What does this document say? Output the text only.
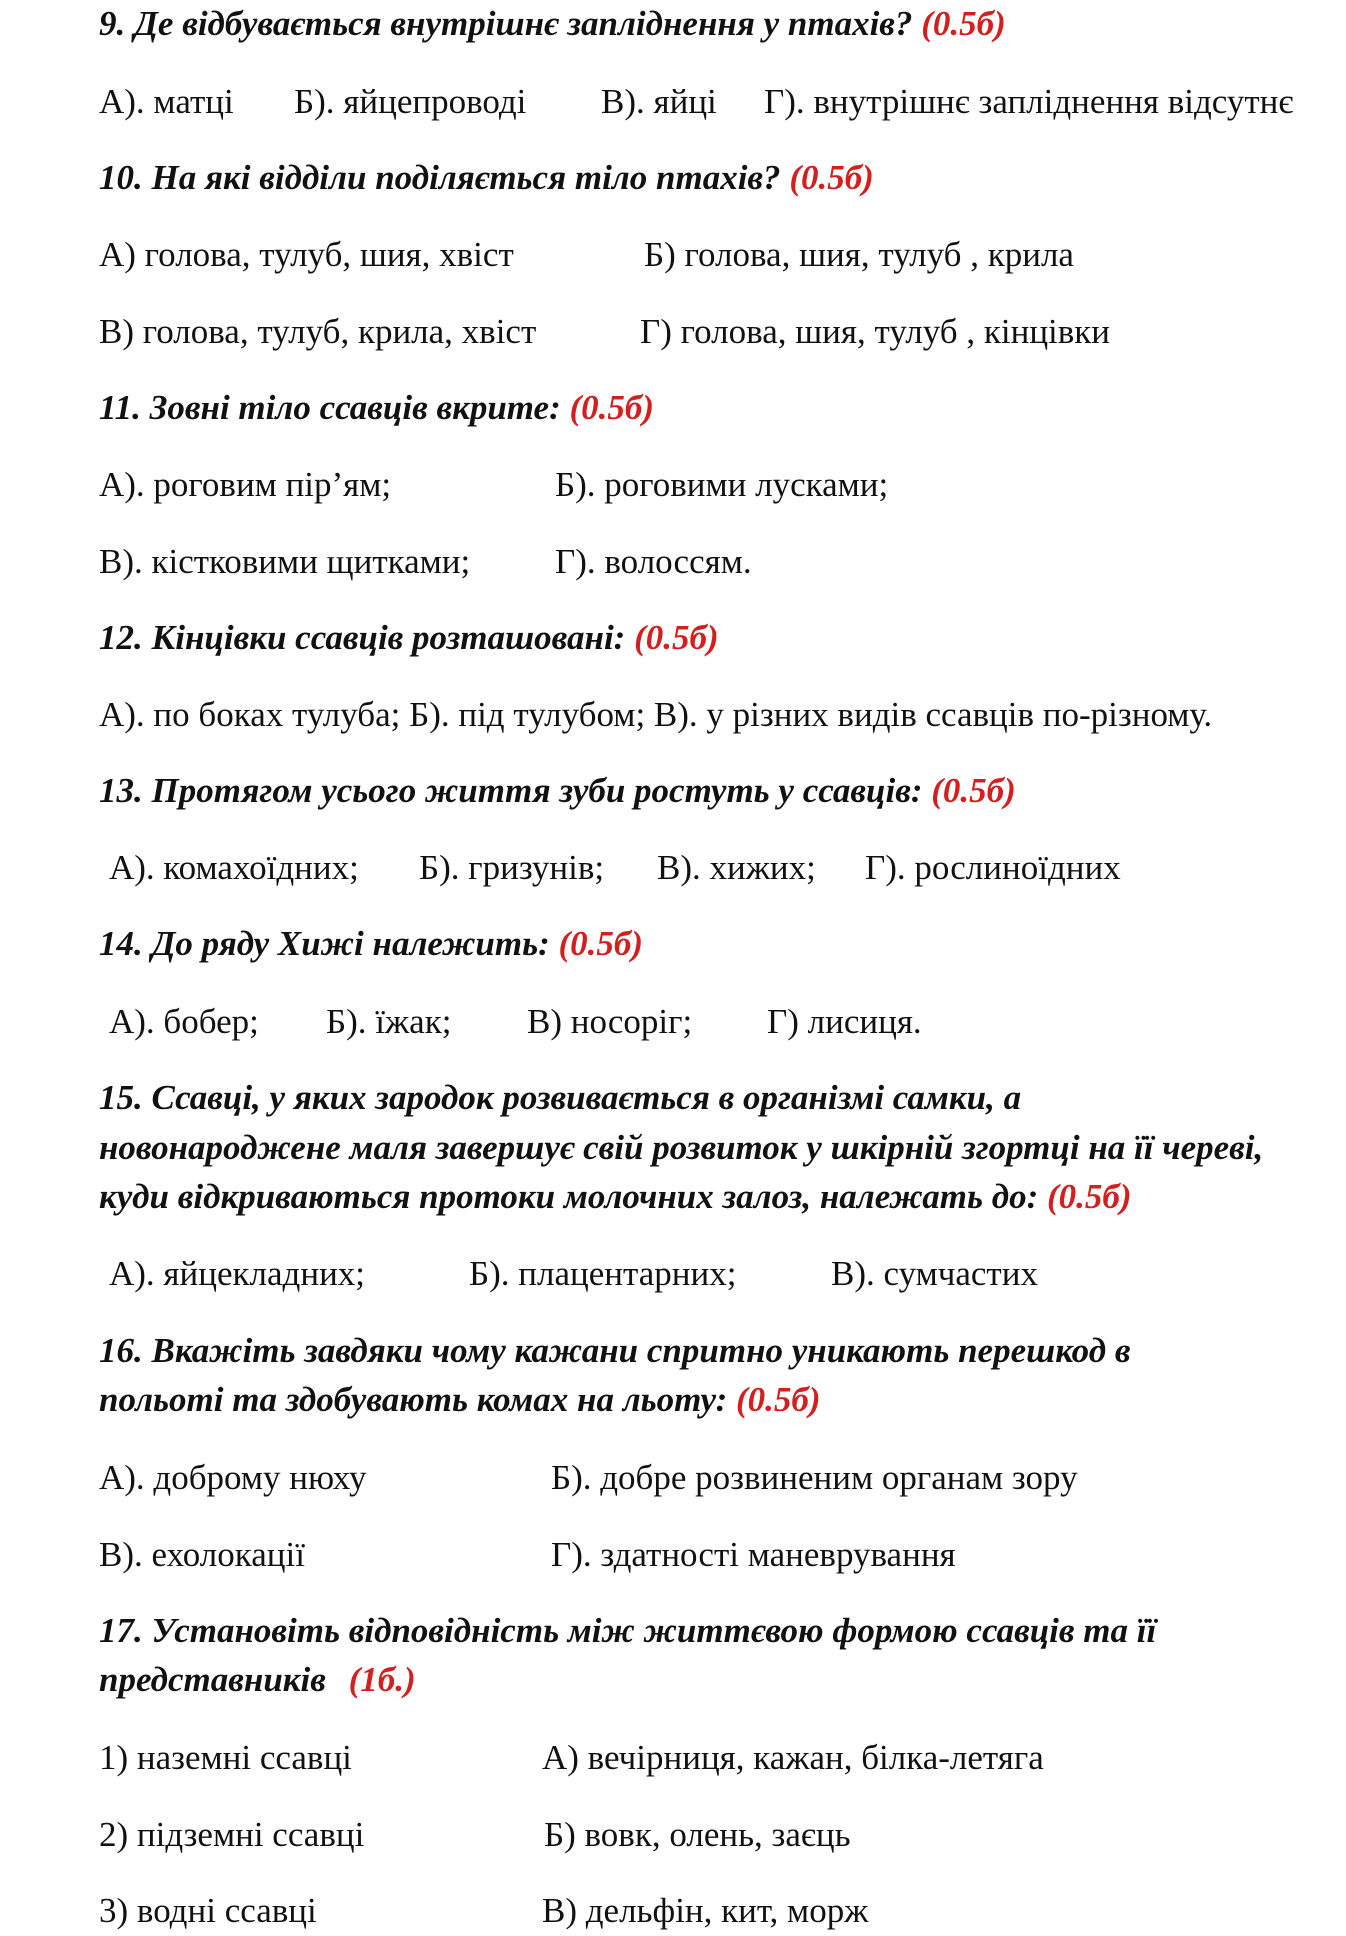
9. Де відбувається внутрішнє запліднення у птахів? (0.5б)
А). матці Б). яйцепроводі В). яйці Г). внутрішнє запліднення відсутнє
10. На які відділи поділяється тіло птахів? (0.5б)
А) голова, тулуб, шия, хвіст	Б) голова, шия, тулуб , крила
В) голова, тулуб, крила, хвіст	Г) голова, шия, тулуб , кінцівки
11. Зовні тіло ссавців вкрите: (0.5б)
А). роговим пір’ям;	Б). роговими лусками;
В). кістковими щитками; Г). волоссям.
12. Кінцівки ссавців розташовані: (0.5б)
А). по боках тулуба; Б). під тулубом; В). у різних видів ссавців по-різному.
13. Протягом усього життя зуби ростуть у ссавців: (0.5б)
А). комахоїдних; Б). гризунів; В). хижих; Г). рослиноїдних
14. До ряду Хижі належить: (0.5б)
А). бобер; Б). їжак; В) носоріг; Г) лисиця.
15. Ссавці, у яких зародок розвивається в організмі самки, а
новонароджене маля завершує свій розвиток у шкірній згортці на її череві,
куди відкриваються протоки молочних залоз, належать до: (0.5б)
А). яйцекладних;	Б). плацентарних;	В). сумчастих
16. Вкажіть завдяки чому кажани спритно уникають перешкод в
польоті та здобувають комах на льоту: (0.5б)
А). доброму нюху	Б). добре розвиненим органам зору
В). ехолокації	Г). здатності маневрування
17. Установіть відповідність між життєвою формою ссавців та її
представників (1б.)
1) наземні ссавці	А) вечірниця, кажан, білка-летяга
2) підземні ссавці	Б) вовк, олень, заєць
3) водні ссавці	В) дельфін, кит, морж
